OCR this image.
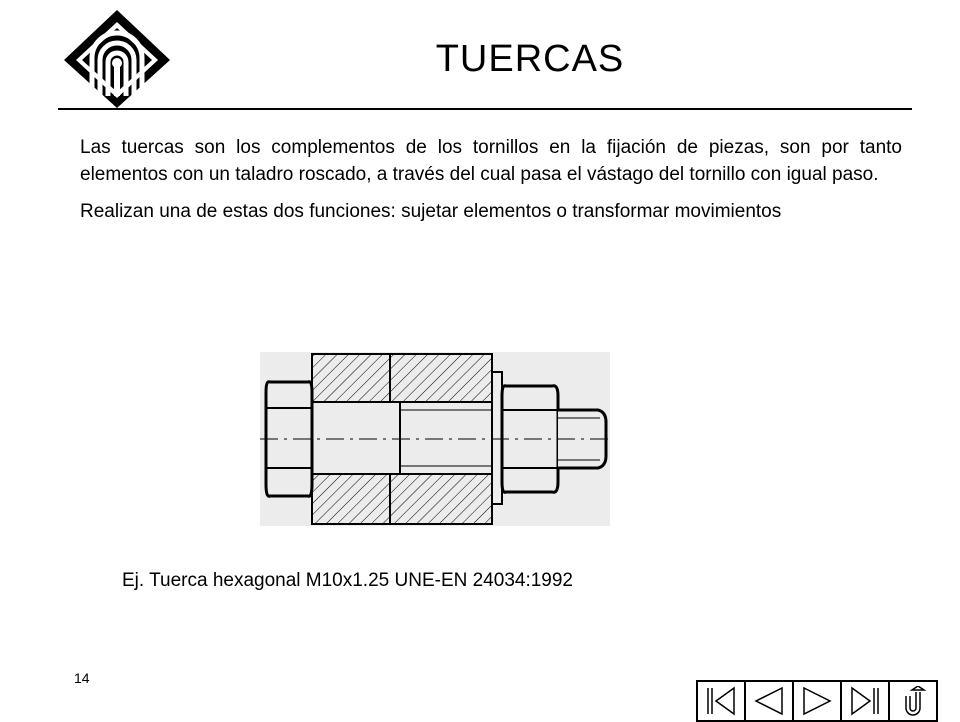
TUERCAS

Las tuercas son los complementos de los tornillos en la fijación de piezas, son por tanto elementos con un taladro roscado, a través del cual pasa el vástago del tornillo con igual paso.

Realizan una de estas dos funciones: sujetar elementos o transformar movimientos

Ej. Tuerca hexagonal M10x1.25 UNE-EN 24034:1992
14
